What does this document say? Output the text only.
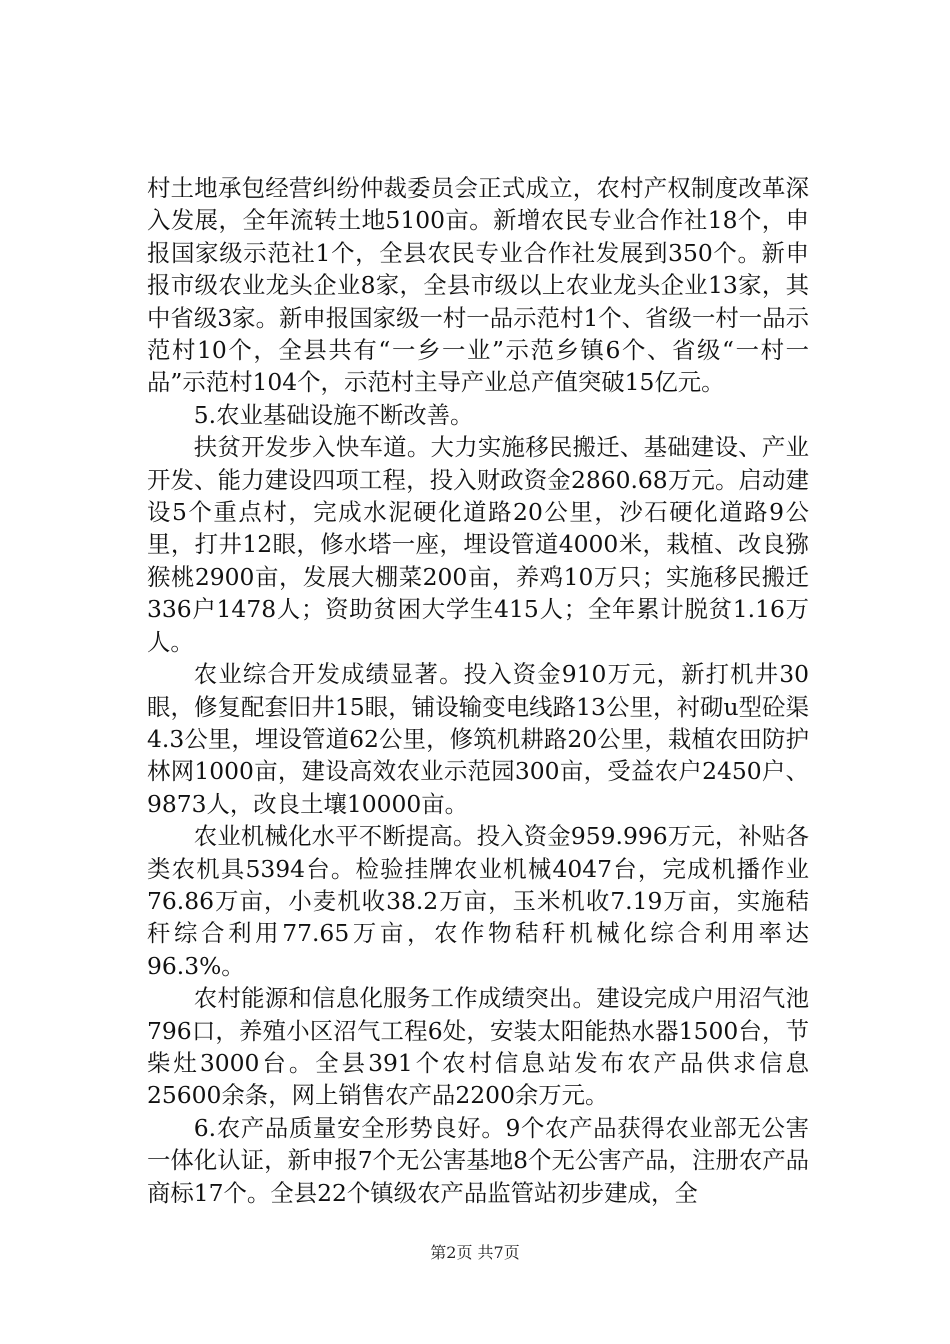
村土地承包经营纠纷仲裁委员会正式成立，农村产权制度改革深入发展，全年流转土地5100亩。新增农民专业合作社18个，申报国家级示范社1个，全县农民专业合作社发展到350个。新申报市级农业龙头企业8家，全县市级以上农业龙头企业13家，其中省级3家。新申报国家级一村一品示范村1个、省级一村一品示范村10个，全县共有“一乡一业”示范乡镇6个、省级“一村一品”示范村104个，示范村主导产业总产值突破15亿元。

5.农业基础设施不断改善。

扶贫开发步入快车道。大力实施移民搬迁、基础建设、产业开发、能力建设四项工程，投入财政资金2860.68万元。启动建设5个重点村，完成水泥硬化道路20公里，沙石硬化道路9公里，打井12眼，修水塔一座，埋设管道4000米，栽植、改良猕猴桃2900亩，发展大棚菜200亩，养鸡10万只；实施移民搬迁336户1478人；资助贫困大学生415人；全年累计脱贫1.16万人。

农业综合开发成绩显著。投入资金910万元，新打机井30眼，修复配套旧井15眼，铺设输变电线路13公里，衬砌u型砼渠4.3公里，埋设管道62公里，修筑机耕路20公里，栽植农田防护林网1000亩，建设高效农业示范园300亩，受益农户2450户、9873人，改良土壤10000亩。

农业机械化水平不断提高。投入资金959.996万元，补贴各类农机具5394台。检验挂牌农业机械4047台，完成机播作业76.86万亩，小麦机收38.2万亩，玉米机收7.19万亩，实施秸秆综合利用77.65万亩，农作物秸秆机械化综合利用率达96.3%。

农村能源和信息化服务工作成绩突出。建设完成户用沼气池796口，养殖小区沼气工程6处，安装太阳能热水器1500台，节柴灶3000台。全县391个农村信息站发布农产品供求信息25600余条，网上销售农产品2200余万元。

6.农产品质量安全形势良好。9个农产品获得农业部无公害一体化认证，新申报7个无公害基地8个无公害产品，注册农产品商标17个。全县22个镇级农产品监管站初步建成，全

第2页 共7页
